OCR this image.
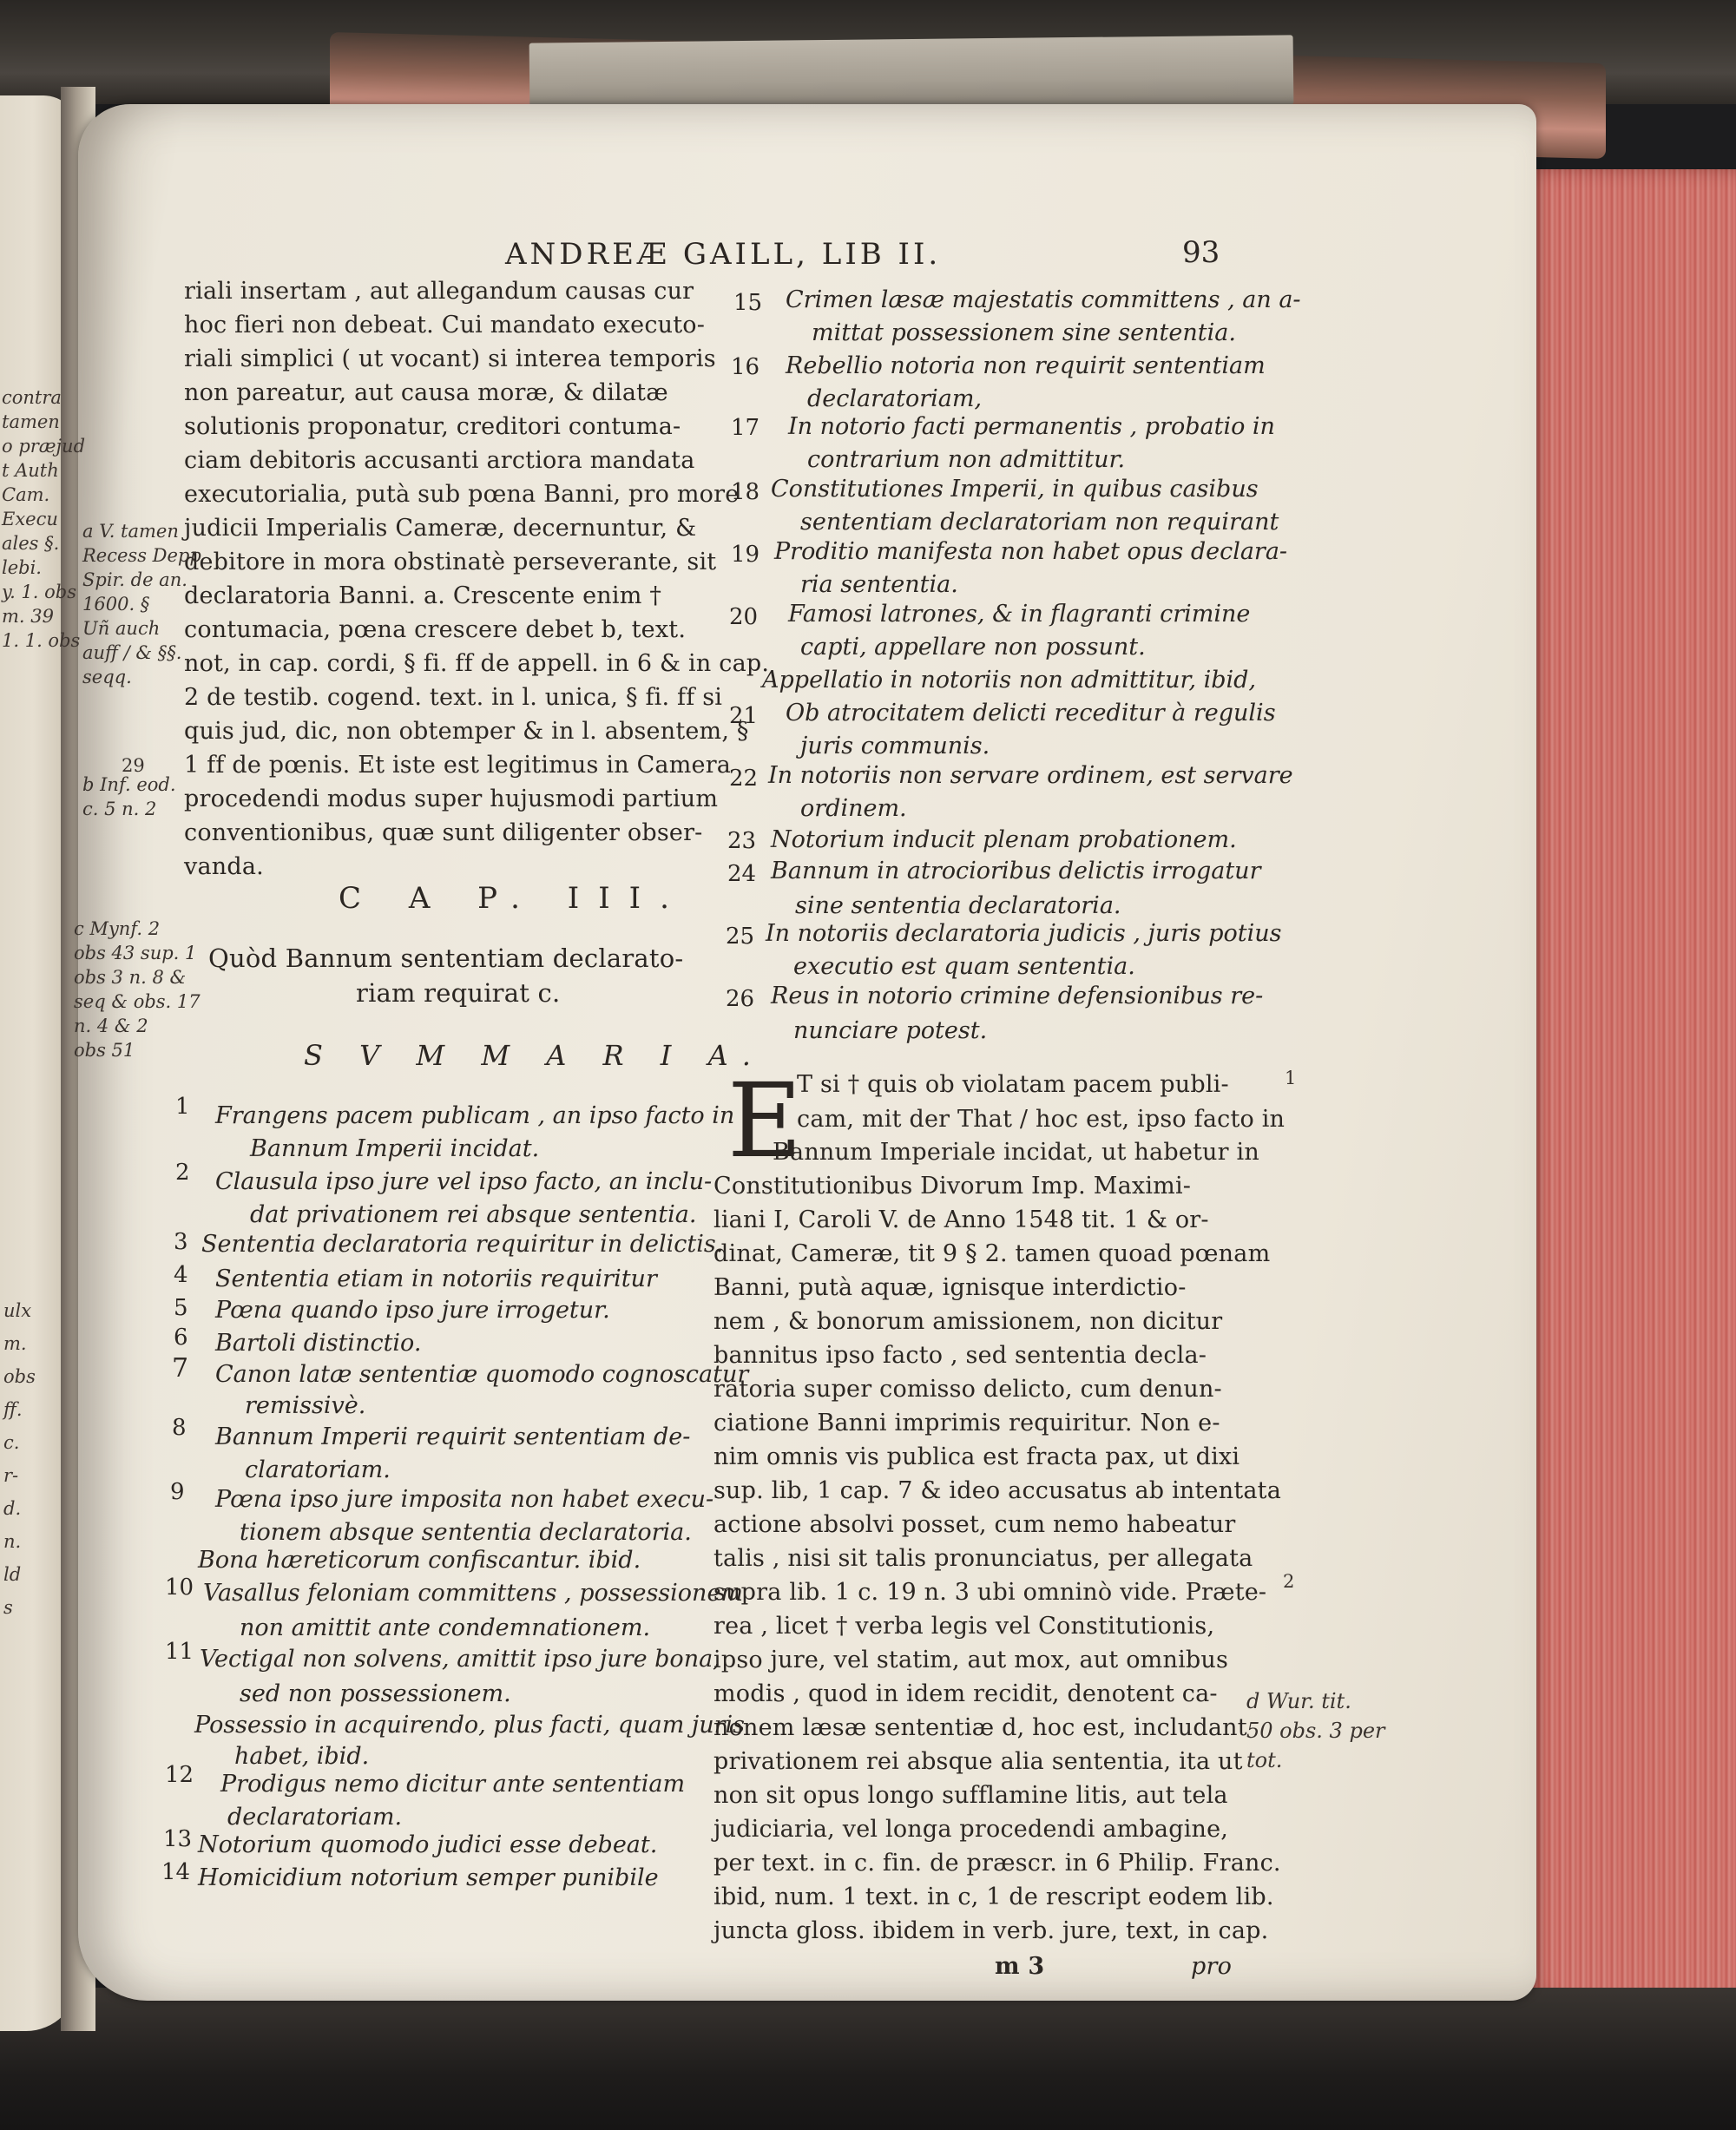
ANDREÆ GAILL, LIB II.	93
riali insertam , aut allegandum causas cur
hoc fieri non debeat. Cui mandato executo-
riali simplici ( ut vocant) si interea temporis
non pareatur, aut causa moræ, & dilatæ
solutionis proponatur, creditori contuma-
ciam debitoris accusanti arctiora mandata
executorialia, putà sub pœna Banni, pro more
judicii Imperialis Cameræ, decernuntur, &
debitore in mora obstinatè perseverante, sit
declaratoria Banni. a. Crescente enim †
contumacia, pœna crescere debet b, text.
not, in cap. cordi, § fi. ff de appell. in 6 & in cap.
2 de testib. cogend. text. in l. unica, § fi. ff si
quis jud, dic, non obtemper & in l. absentem, §
1 ff de pœnis. Et iste est legitimus in Camera
procedendi modus super hujusmodi partium
conventionibus, quæ sunt diligenter obser-
vanda.
C A P. III.
Quòd Bannum sententiam declarato-
riam requirat c.
S V M M A R I A.
1 Frangens pacem publicam , an ipso facto in
Bannum Imperii incidat.
2 Clausula ipso jure vel ipso facto, an inclu-
dat privationem rei absque sententia.
3 Sententia declaratoria requiritur in delictis.
4 Sententia etiam in notoriis requiritur
5 Pœna quando ipso jure irrogetur.
6 Bartoli distinctio.
7 Canon latæ sententiæ quomodo cognoscatur
remissivè.
8 Bannum Imperii requirit sententiam de-
claratoriam.
9 Pœna ipso jure imposita non habet execu-
tionem absque sententia declaratoria.
Bona hæreticorum confiscantur. ibid.
10 Vasallus feloniam committens , possessionem
non amittit ante condemnationem.
11 Vectigal non solvens, amittit ipso jure bona,
sed non possessionem.
Possessio in acquirendo, plus facti, quam juris
habet, ibid.
12 Prodigus nemo dicitur ante sententiam
declaratoriam.
13 Notorium quomodo judici esse debeat.
14 Homicidium notorium semper punibile
15 Crimen læsæ majestatis committens , an a-
mittat possessionem sine sententia.
16 Rebellio notoria non requirit sententiam
declaratoriam,
17 In notorio facti permanentis , probatio in
contrarium non admittitur.
18 Constitutiones Imperii, in quibus casibus
sententiam declaratoriam non requirant
19 Proditio manifesta non habet opus declara-
ria sententia.
20 Famosi latrones, & in flagranti crimine
capti, appellare non possunt.
Appellatio in notoriis non admittitur, ibid,
21 Ob atrocitatem delicti receditur à regulis
juris communis.
22 In notoriis non servare ordinem, est servare
ordinem.
23 Notorium inducit plenam probationem.
24 Bannum in atrocioribus delictis irrogatur
sine sententia declaratoria.
25 In notoriis declaratoria judicis , juris potius
executio est quam sententia.
26 Reus in notorio crimine defensionibus re-
nunciare potest.
E
T si † quis ob violatam pacem publi-
cam, mit der That / hoc est, ipso facto in
Bannum Imperiale incidat, ut habetur in
Constitutionibus Divorum Imp. Maximi-
liani I, Caroli V. de Anno 1548 tit. 1 & or-
dinat, Cameræ, tit 9 § 2. tamen quoad pœnam
Banni, putà aquæ, ignisque interdictio-
nem , & bonorum amissionem, non dicitur
bannitus ipso facto , sed sententia decla-
ratoria super comisso delicto, cum denun-
ciatione Banni imprimis requiritur. Non e-
nim omnis vis publica est fracta pax, ut dixi
sup. lib, 1 cap. 7 & ideo accusatus ab intentata
actione absolvi posset, cum nemo habeatur
talis , nisi sit talis pronunciatus, per allegata
supra lib. 1 c. 19 n. 3 ubi omninò vide. Præte-
rea , licet † verba legis vel Constitutionis,
ipso jure, vel statim, aut mox, aut omnibus
modis , quod in idem recidit, denotent ca-
nonem læsæ sententiæ d, hoc est, includant
privationem rei absque alia sententia, ita ut
non sit opus longo sufflamine litis, aut tela
judiciaria, vel longa procedendi ambagine,
per text. in c. fin. de præscr. in 6 Philip. Franc.
ibid, num. 1 text. in c, 1 de rescript eodem lib.
juncta gloss. ibidem in verb. jure, text, in cap.
m 3	pro
a V. tamen
Recess Depp
Spir. de an.
1600. §
Uñ auch
auff / & §§.
seqq.
29
b Inf. eod.
c. 5 n. 2
c Mynf. 2
obs 43 sup. 1
obs 3 n. 8 &
seq & obs. 17
n. 4 & 2
obs 51
d Wur. tit.
50 obs. 3 per
tot.
1
2
contra
tamen
o præjud
t Auth
Cam.
Execu
ales §.
lebi.
y. 1. obs
m. 39
1. 1. obs
ulx
m.
obs
ff.
c.
r-
d.
n.
ld
s
